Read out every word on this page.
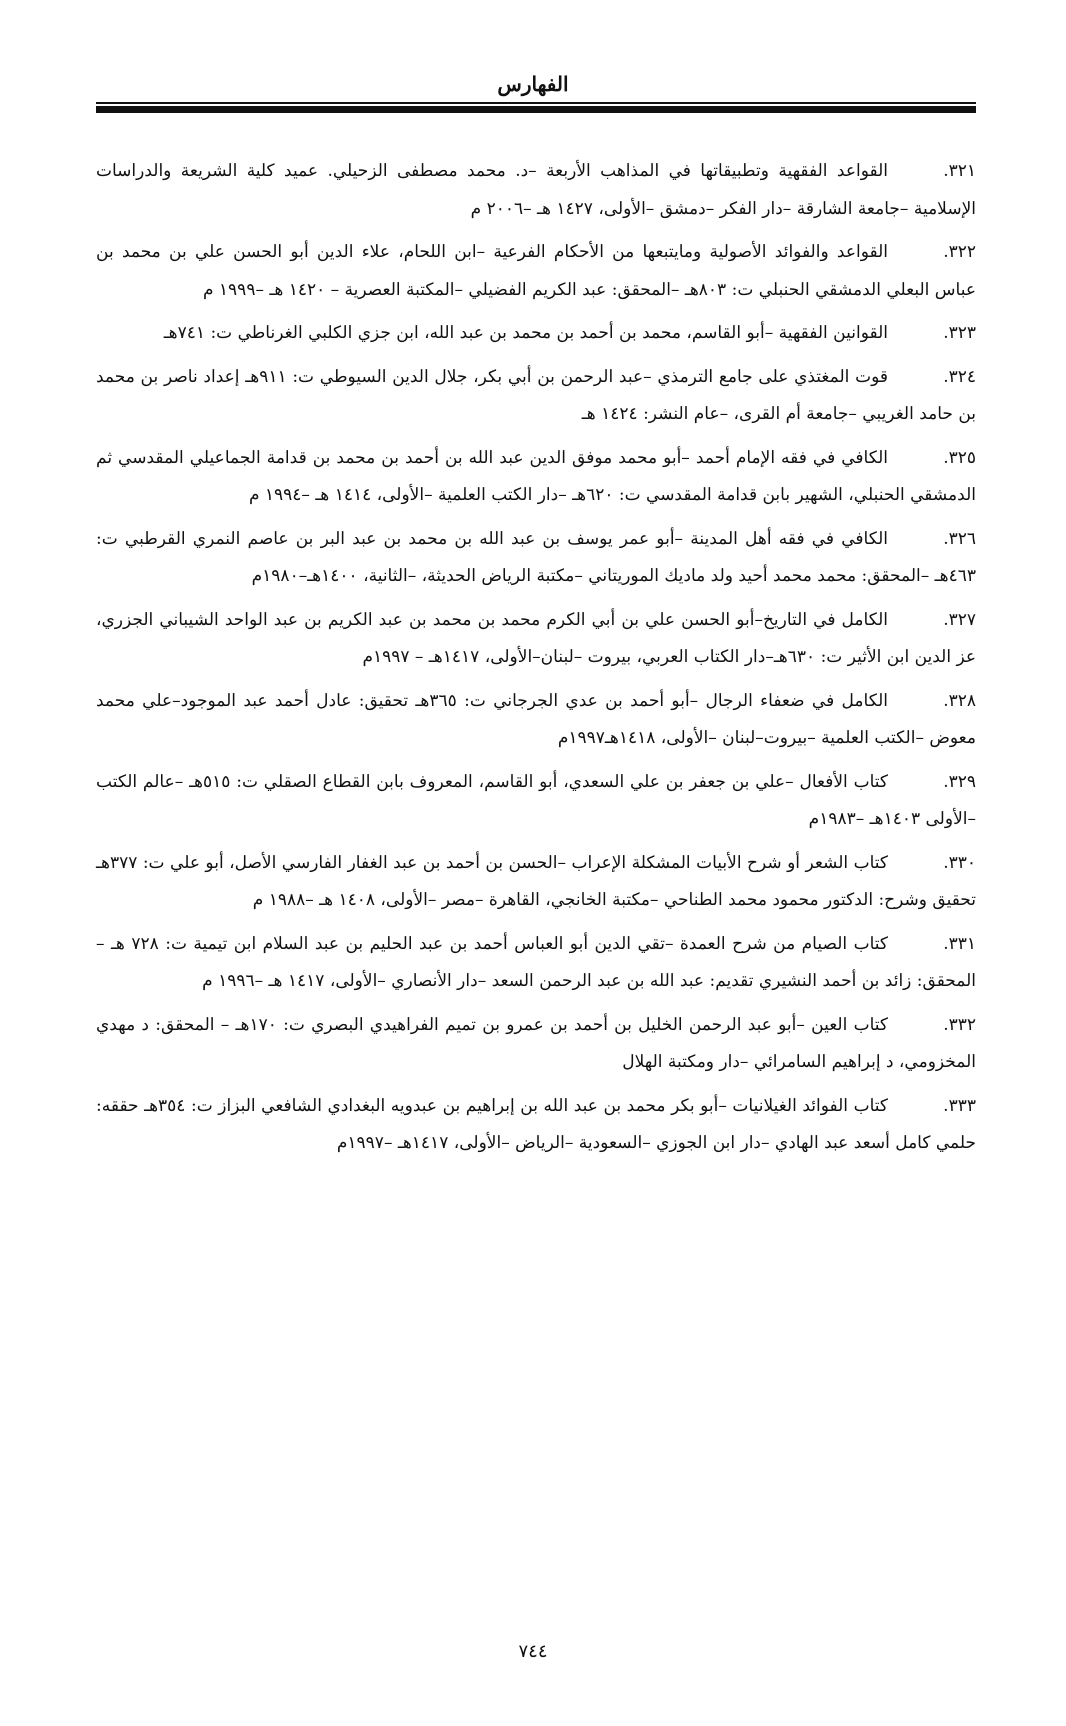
الفهارس

٣٢١.القواعد الفقهية وتطبيقاتها في المذاهب الأربعة –د. محمد مصطفى الزحيلي. عميد كلية الشريعة والدراسات الإسلامية –جامعة الشارقة –دار الفكر –دمشق –الأولى، ١٤٢٧ هـ –٢٠٠٦ م

٣٢٢.القواعد والفوائد الأصولية ومايتبعها من الأحكام الفرعية –ابن اللحام، علاء الدين أبو الحسن علي بن محمد بن عباس البعلي الدمشقي الحنبلي ت: ٨٠٣هـ –المحقق: عبد الكريم الفضيلي –المكتبة العصرية – ١٤٢٠ هـ –١٩٩٩ م

٣٢٣.القوانين الفقهية –أبو القاسم، محمد بن أحمد بن محمد بن عبد الله، ابن جزي الكلبي الغرناطي ت: ٧٤١هـ

٣٢٤.قوت المغتذي على جامع الترمذي –عبد الرحمن بن أبي بكر، جلال الدين السيوطي ت: ٩١١هـ إعداد ناصر بن محمد بن حامد الغريبي –جامعة أم القرى، –عام النشر: ١٤٢٤ هـ

٣٢٥.الكافي في فقه الإمام أحمد –أبو محمد موفق الدين عبد الله بن أحمد بن محمد بن قدامة الجماعيلي المقدسي ثم الدمشقي الحنبلي، الشهير بابن قدامة المقدسي ت: ٦٢٠هـ –دار الكتب العلمية –الأولى، ١٤١٤ هـ –١٩٩٤ م

٣٢٦.الكافي في فقه أهل المدينة –أبو عمر يوسف بن عبد الله بن محمد بن عبد البر بن عاصم النمري القرطبي ت: ٤٦٣هـ –المحقق: محمد محمد أحيد ولد ماديك الموريتاني –مكتبة الرياض الحديثة، –الثانية، ١٤٠٠هـ–١٩٨٠م

٣٢٧.الكامل في التاريخ–أبو الحسن علي بن أبي الكرم محمد بن محمد بن عبد الكريم بن عبد الواحد الشيباني الجزري، عز الدين ابن الأثير ت: ٦٣٠هـ–دار الكتاب العربي، بيروت –لبنان–الأولى، ١٤١٧هـ – ١٩٩٧م

٣٢٨.الكامل في ضعفاء الرجال –أبو أحمد بن عدي الجرجاني ت: ٣٦٥هـ تحقيق: عادل أحمد عبد الموجود–علي محمد معوض –الكتب العلمية –بيروت–لبنان –الأولى، ١٤١٨هـ١٩٩٧م

٣٢٩.كتاب الأفعال –علي بن جعفر بن علي السعدي، أبو القاسم، المعروف بابن القطاع الصقلي ت: ٥١٥هـ –عالم الكتب –الأولى ١٤٠٣هـ –١٩٨٣م

٣٣٠.كتاب الشعر أو شرح الأبيات المشكلة الإعراب –الحسن بن أحمد بن عبد الغفار الفارسي الأصل، أبو علي ت: ٣٧٧هـ تحقيق وشرح: الدكتور محمود محمد الطناحي –مكتبة الخانجي، القاهرة –مصر –الأولى، ١٤٠٨ هـ –١٩٨٨ م

٣٣١.كتاب الصيام من شرح العمدة –تقي الدين أبو العباس أحمد بن عبد الحليم بن عبد السلام ابن تيمية ت: ٧٢٨ هـ –المحقق: زائد بن أحمد النشيري تقديم: عبد الله بن عبد الرحمن السعد –دار الأنصاري –الأولى، ١٤١٧ هـ –١٩٩٦ م

٣٣٢.كتاب العين –أبو عبد الرحمن الخليل بن أحمد بن عمرو بن تميم الفراهيدي البصري ت: ١٧٠هـ – المحقق: د مهدي المخزومي، د إبراهيم السامرائي –دار ومكتبة الهلال

٣٣٣.كتاب الفوائد الغيلانيات –أبو بكر محمد بن عبد الله بن إبراهيم بن عبدويه البغدادي الشافعي البزاز ت: ٣٥٤هـ حققه: حلمي كامل أسعد عبد الهادي –دار ابن الجوزي –السعودية –الرياض –الأولى، ١٤١٧هـ –١٩٩٧م

٧٤٤
